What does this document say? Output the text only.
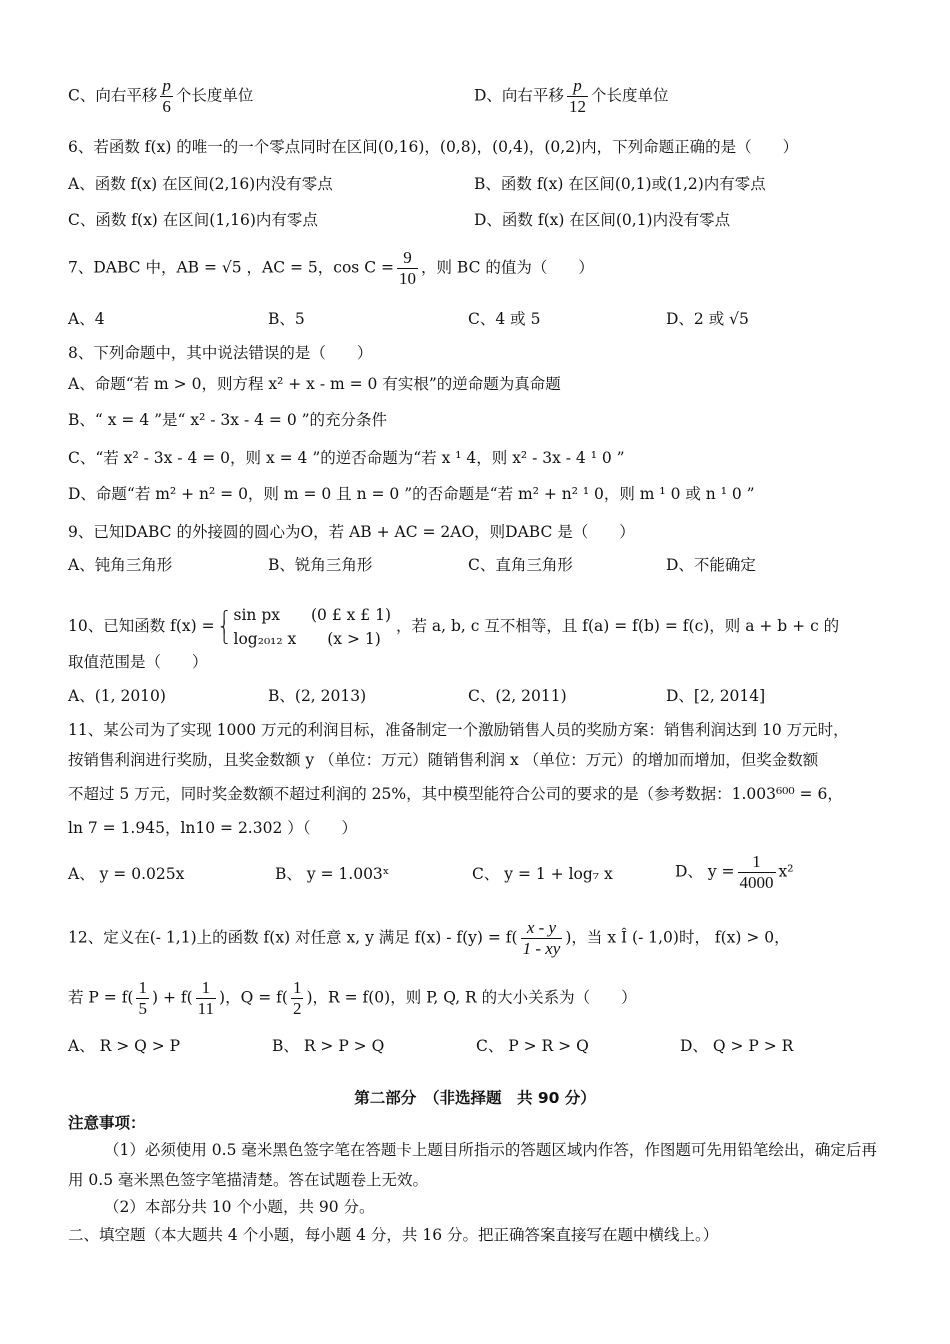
C、向右平移 $\frac{p}{6}$ 个长度单位	D、向右平移 $\frac{p}{12}$ 个长度单位
6、若函数 f(x) 的唯一的一个零点同时在区间(0,16)，(0,8)，(0,4)，(0,2)内，下列命题正确的是（　　）
A、函数 f(x) 在区间(2,16)内没有零点	B、函数 f(x) 在区间(0,1)或(1,2)内有零点
C、函数 f(x) 在区间(1,16)内有零点	D、函数 f(x) 在区间(0,1)内没有零点
7、DABC 中，AB = √5 ，AC = 5，$\cos C = \frac{9}{10}$ ，则 BC 的值为（　　）
A、4	B、5	C、4 或 5	D、2 或 √5
8、下列命题中，其中说法错误的是（　　）
A、命题“若 m > 0，则方程 x² + x - m = 0 有实根”的逆命题为真命题
B、“ x = 4 ”是“ x² - 3x - 4 = 0 ”的充分条件
C、“若 x² - 3x - 4 = 0，则 x = 4 ”的逆否命题为“若 x ¹ 4，则 x² - 3x - 4 ¹ 0 ”
D、命题“若 m² + n² = 0，则 m = 0 且 n = 0 ”的否命题是“若 m² + n² ¹ 0，则 m ¹ 0 或 n ¹ 0 ”
9、已知DABC 的外接圆的圆心为O，若 AB + AC = 2AO，则DABC 是（　　）
A、钝角三角形	B、锐角三角形	C、直角三角形	D、不能确定
10、已知函数 f(x) = ⎧
⎨
⎩
sin px　　(0 £ x £ 1)
log₂₀₁₂ x　　(x > 1)
，若 a, b, c 互不相等，且 f(a) = f(b) = f(c)，则 a + b + c 的
取值范围是（　　）
A、(1, 2010)	B、(2, 2013)	C、(2, 2011)	D、[2, 2014]
11、某公司为了实现 1000 万元的利润目标，准备制定一个激励销售人员的奖励方案：销售利润达到 10 万元时，
按销售利润进行奖励，且奖金数额 y （单位：万元）随销售利润 x （单位：万元）的增加而增加，但奖金数额
不超过 5 万元，同时奖金数额不超过利润的 25%，其中模型能符合公司的要求的是（参考数据：1.003⁶⁰⁰ = 6，
ln 7 = 1.945，ln10 = 2.302 ）（　　）
A、 y = 0.025x	B、 y = 1.003ˣ	C、 y = 1 + log₇ x	D、 $y = \frac{1}{4000} x^2$
12、定义在(- 1,1)上的函数 f(x) 对任意 x, y 满足 $f(x) - f(y) = f( \frac{x - y}{1 - xy}$ )，当 x Î (- 1,0)时， f(x) > 0，
若 $P = f( \frac{1}{5}$ ) + $f( \frac{1}{11}$ )，$Q = f( \frac{1}{2}$ )，R = f(0)，则 P, Q, R 的大小关系为（　　）
A、 R > Q > P	B、 R > P > Q	C、 P > R > Q	D、 Q > P > R
第二部分　（非选择题　共 90 分）
注意事项：
（1）必须使用 0.5 毫米黑色签字笔在答题卡上题目所指示的答题区域内作答，作图题可先用铅笔绘出，确定后再用 0.5 毫米黑色签字笔描清楚。答在试题卷上无效。
（2）本部分共 10 个小题，共 90 分。
二、填空题（本大题共 4 个小题，每小题 4 分，共 16 分。把正确答案直接写在题中横线上。）
